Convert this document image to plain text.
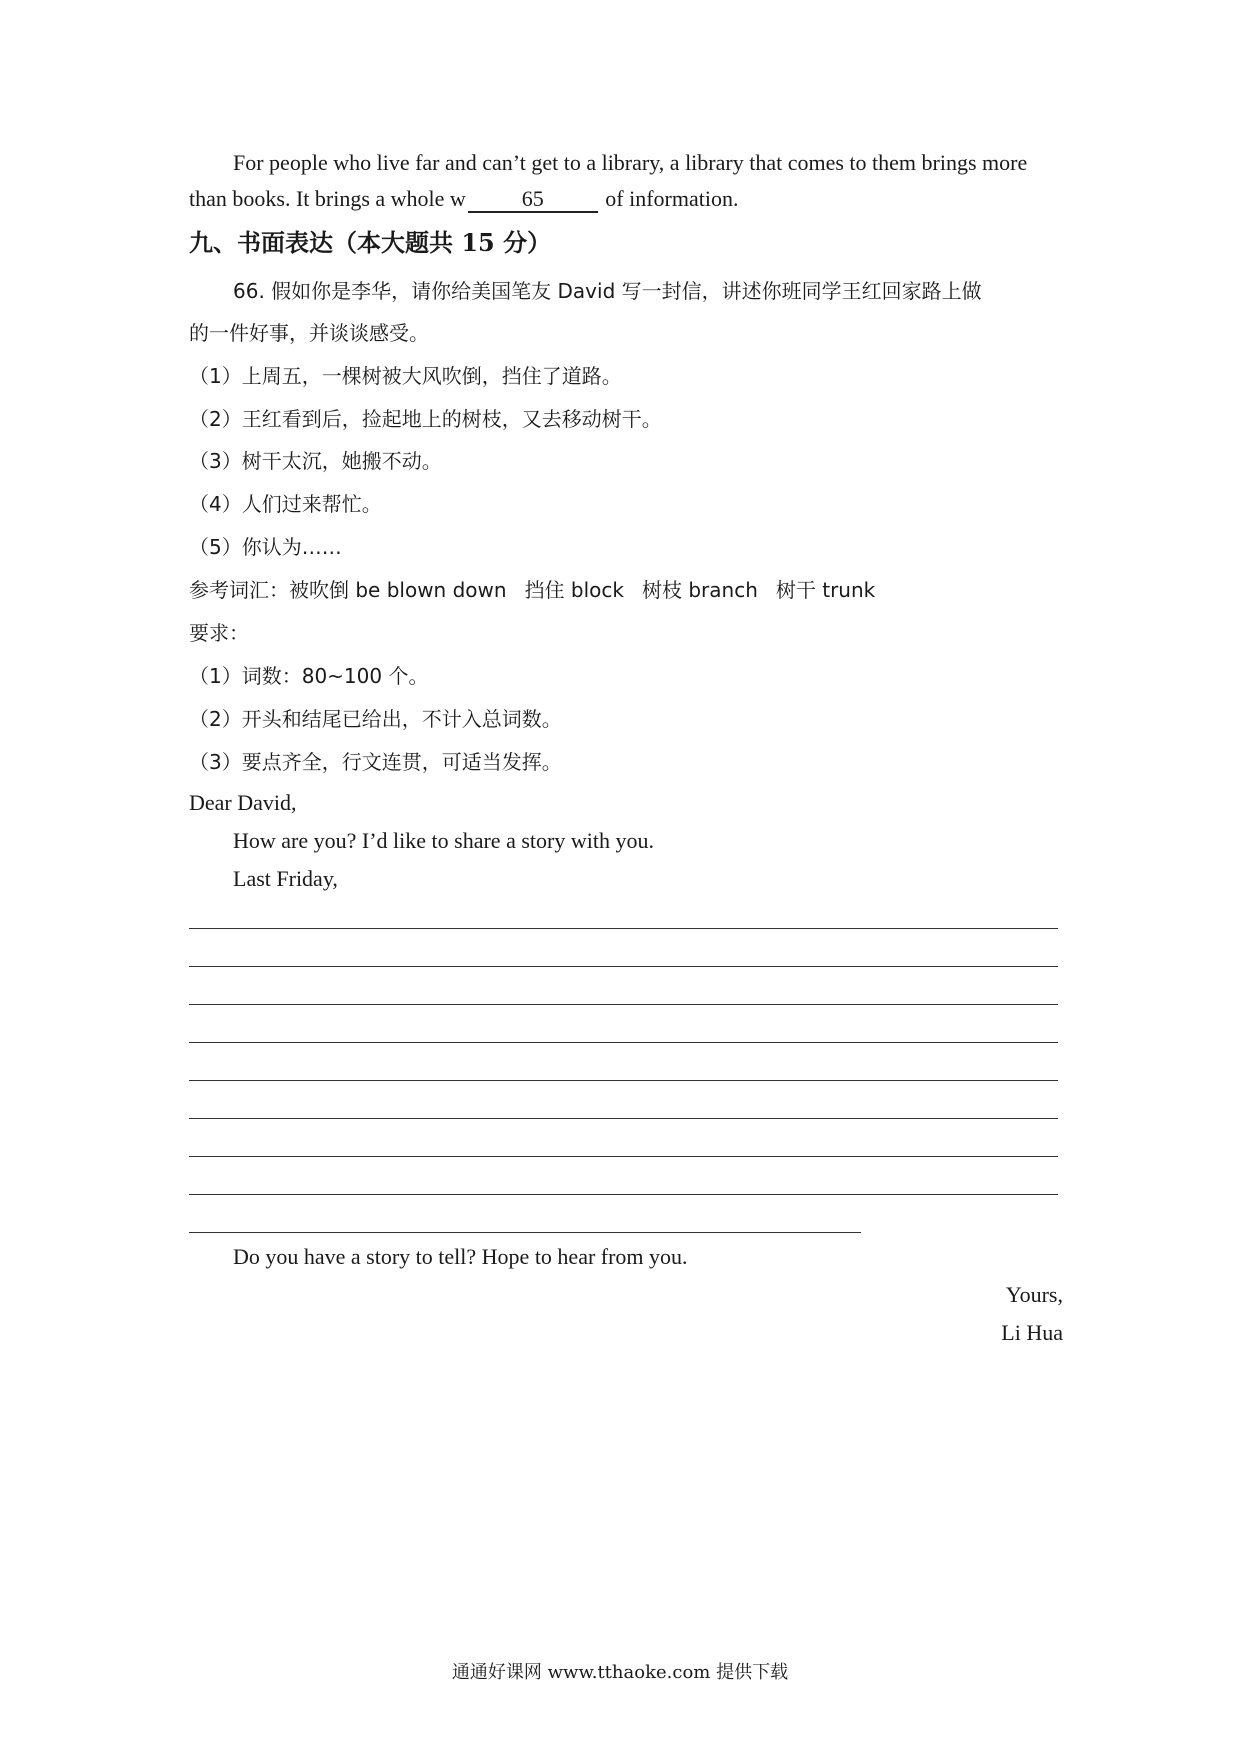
For people who live far and can’t get to a library, a library that comes to them brings more
than books. It brings a whole w	65	of information.
九、书面表达（本大题共 15 分）
66. 假如你是李华，请你给美国笔友 David 写一封信，讲述你班同学王红回家路上做
的一件好事，并谈谈感受。
（1）上周五，一棵树被大风吹倒，挡住了道路。
（2）王红看到后，捡起地上的树枝，又去移动树干。
（3）树干太沉，她搬不动。
（4）人们过来帮忙。
（5）你认为……
参考词汇：被吹倒 be blown down 挡住 block 树枝 branch 树干 trunk
要求：
（1）词数：80~100 个。
（2）开头和结尾已给出，不计入总词数。
（3）要点齐全，行文连贯，可适当发挥。
Dear David,
How are you? I’d like to share a story with you.
Last Friday,
Do you have a story to tell? Hope to hear from you.
Yours,
Li Hua
通通好课网 www.tthaoke.com 提供下载
